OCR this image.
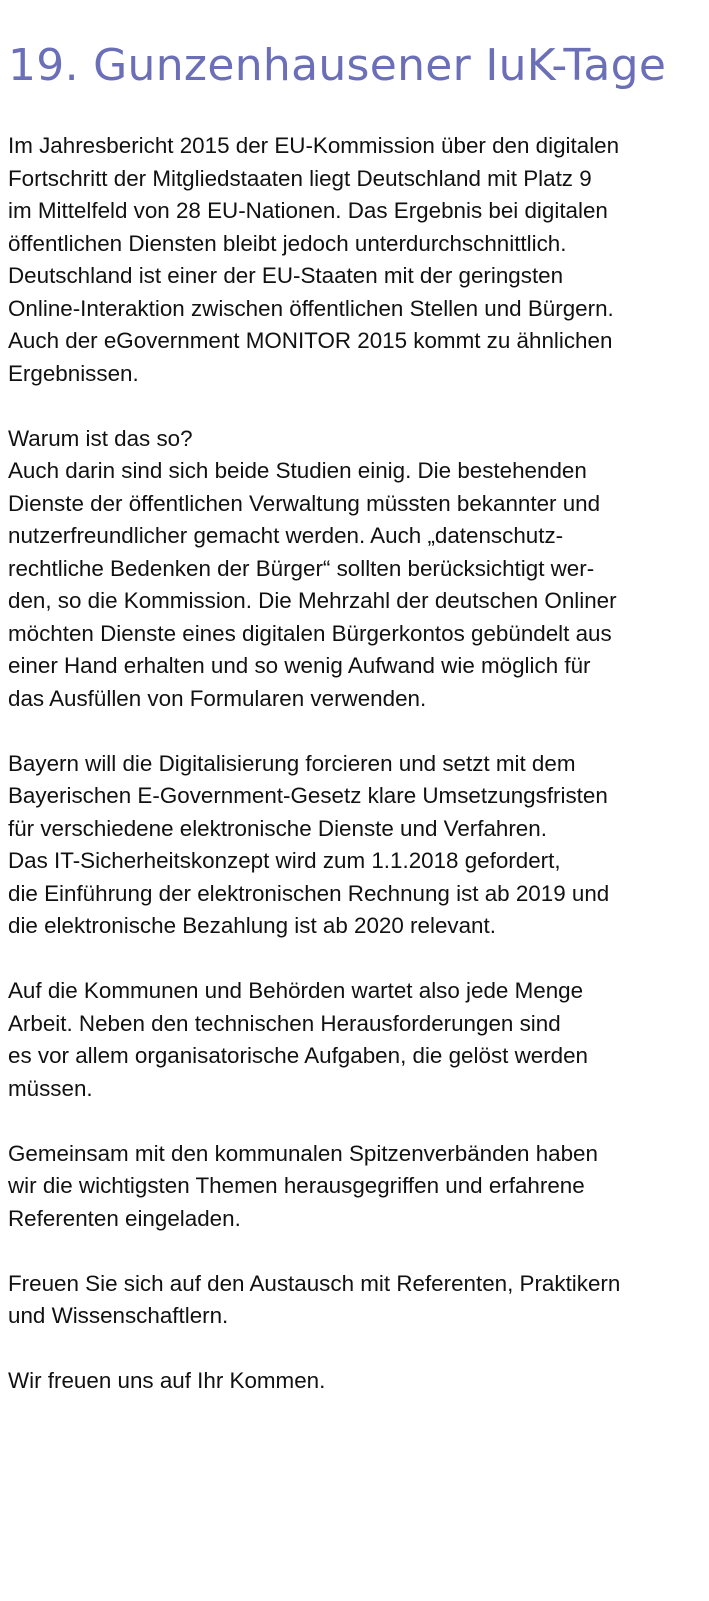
19. Gunzenhausener IuK-Tage

Im Jahresbericht 2015 der EU-Kommission über den digitalen
Fortschritt der Mitgliedstaaten liegt Deutschland mit Platz 9
im Mittelfeld von 28 EU-Nationen. Das Ergebnis bei digitalen
öffentlichen Diensten bleibt jedoch unterdurchschnittlich.
Deutschland ist einer der EU-Staaten mit der geringsten
Online-Interaktion zwischen öffentlichen Stellen und Bürgern.
Auch der eGovernment MONITOR 2015 kommt zu ähnlichen
Ergebnissen.

Warum ist das so?
Auch darin sind sich beide Studien einig. Die bestehenden
Dienste der öffentlichen Verwaltung müssten bekannter und
nutzerfreundlicher gemacht werden. Auch „datenschutz-
rechtliche Bedenken der Bürger“ sollten berücksichtigt wer-
den, so die Kommission. Die Mehrzahl der deutschen Onliner
möchten Dienste eines digitalen Bürgerkontos gebündelt aus
einer Hand erhalten und so wenig Aufwand wie möglich für
das Ausfüllen von Formularen verwenden.

Bayern will die Digitalisierung forcieren und setzt mit dem
Bayerischen E-Government-Gesetz klare Umsetzungsfristen
für verschiedene elektronische Dienste und Verfahren.
Das IT-Sicherheitskonzept wird zum 1.1.2018 gefordert,
die Einführung der elektronischen Rechnung ist ab 2019 und
die elektronische Bezahlung ist ab 2020 relevant.

Auf die Kommunen und Behörden wartet also jede Menge
Arbeit. Neben den technischen Herausforderungen sind
es vor allem organisatorische Aufgaben, die gelöst werden
müssen.

Gemeinsam mit den kommunalen Spitzenverbänden haben
wir die wichtigsten Themen herausgegriffen und erfahrene
Referenten eingeladen.

Freuen Sie sich auf den Austausch mit Referenten, Praktikern
und Wissenschaftlern.

Wir freuen uns auf Ihr Kommen.
